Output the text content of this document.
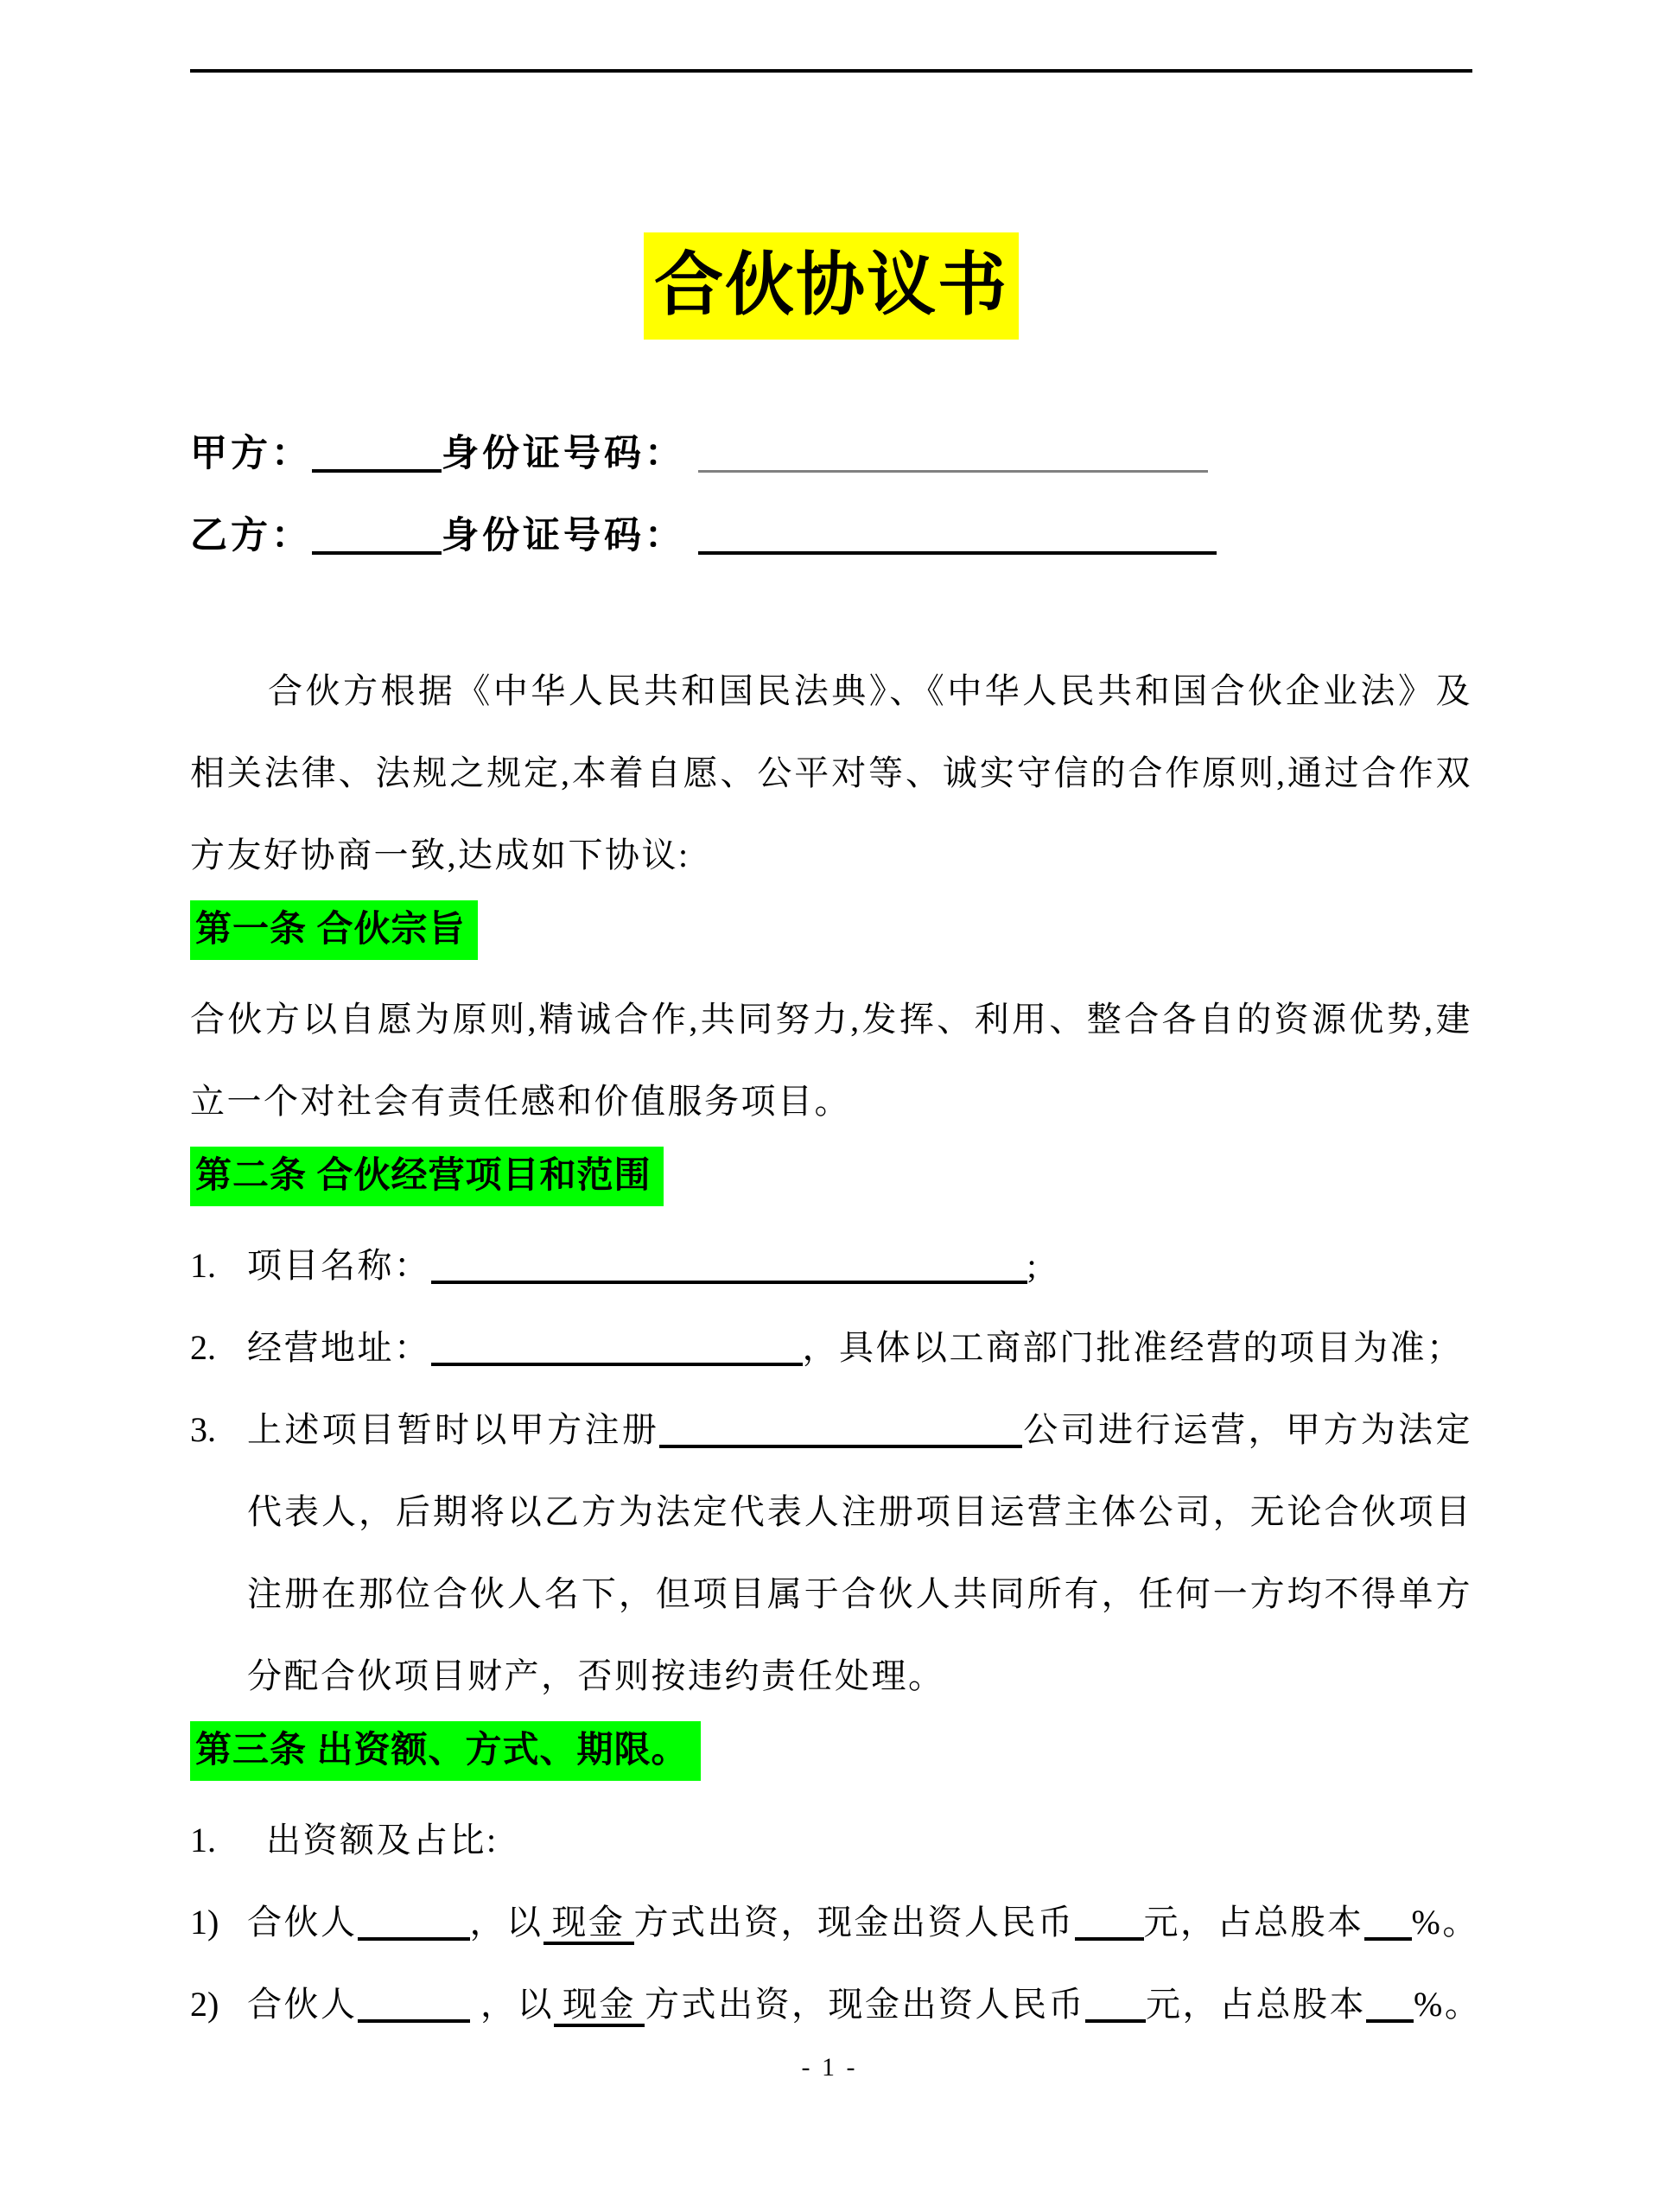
合伙协议书
甲方：	身份证号码：
乙方：	身份证号码：

合伙方根据《中华人民共和国民法典》、《中华人民共和国合伙企业法》及相关法律、法规之规定,本着自愿、公平对等、诚实守信的合作原则,通过合作双方友好协商一致,达成如下协议:

第一条 合伙宗旨

合伙方以自愿为原则,精诚合作,共同努力,发挥、利用、整合各自的资源优势,建立一个对社会有责任感和价值服务项目。

第二条 合伙经营项目和范围
1. 项目名称：	;
2. 经营地址：	，具体以工商部门批准经营的项目为准；
3. 上述项目暂时以甲方注册	公司进行运营，甲方为法定代表人，后期将以乙方为法定代表人注册项目运营主体公司，无论合伙项目注册在那位合伙人名下，但项目属于合伙人共同所有，任何一方均不得单方分配合伙项目财产，否则按违约责任处理。
第三条 出资额、方式、期限。
1. 出资额及占比:
1) 合伙人	，以 现金 方式出资，现金出资人民币 元，占总股本 %。
2) 合伙人	，以 现金 方式出资，现金出资人民币 元，占总股本 %。
- 1 -
